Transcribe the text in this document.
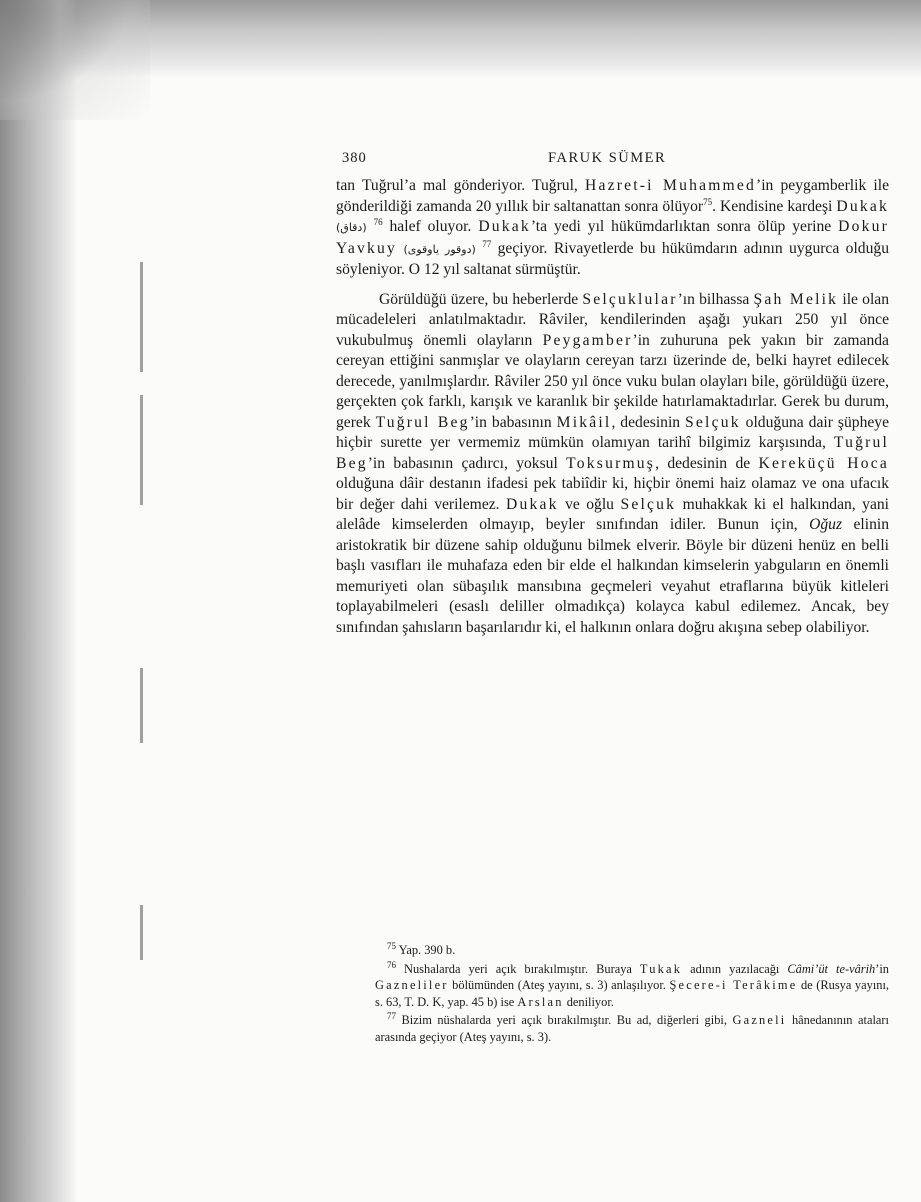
380	FARUK SÜMER

tan Tuğrul’a mal gönderiyor. Tuğrul, Hazret-i Muhammed’in peygamberlik ile gönderildiği zamanda 20 yıllık bir saltanattan sonra ölüyor$^{75}$. Kendisine kardeşi Dukak (دقاق) $^{76}$ halef oluyor. Dukak’ta yedi yıl hükümdarlıktan sonra ölüp yerine Dokur Yavkuy (دوقور یاوقوی) $^{77}$ geçiyor. Rivayetlerde bu hükümdarın adının uygurca olduğu söyleniyor. O 12 yıl saltanat sürmüştür.

Görüldüğü üzere, bu heberlerde Selçuklular’ın bilhassa Şah Melik ile olan mücadeleleri anlatılmaktadır. Râviler, kendilerinden aşağı yukarı 250 yıl önce vukubulmuş önemli olayların Peygamber’in zuhuruna pek yakın bir zamanda cereyan ettiğini sanmışlar ve olayların cereyan tarzı üzerinde de, belki hayret edilecek derecede, yanılmışlardır. Râviler 250 yıl önce vuku bulan olayları bile, görüldüğü üzere, gerçekten çok farklı, karışık ve karanlık bir şekilde hatırlamaktadırlar. Gerek bu durum, gerek Tuğrul Beg’in babasının Mikâil, dedesinin Selçuk olduğuna dair şüpheye hiçbir surette yer vermemiz mümkün olamıyan tarihî bilgimiz karşısında, Tuğrul Beg’in babasının çadırcı, yoksul Toksurmuş, dedesinin de Kereküçü Hoca olduğuna dâir destanın ifadesi pek tabiîdir ki, hiçbir önemi haiz olamaz ve ona ufacık bir değer dahi verilemez. Dukak ve oğlu Selçuk muhakkak ki el halkından, yani alelâde kimselerden olmayıp, beyler sınıfından idiler. Bunun için, Oğuz elinin aristokratik bir düzene sahip olduğunu bilmek elverir. Böyle bir düzeni henüz en belli başlı vasıfları ile muhafaza eden bir elde el halkından kimselerin yabguların en önemli memuriyeti olan sübaşılık mansıbına geçmeleri veyahut etraflarına büyük kitleleri toplayabilmeleri (esaslı deliller olmadıkça) kolayca kabul edilemez. Ancak, bey sınıfından şahısların başarılarıdır ki, el halkının onlara doğru akışına sebep olabiliyor.

$^{75}$ Yap. 390 b.

$^{76}$ Nushalarda yeri açık bırakılmıştır. Buraya Tukak adının yazılacağı Câmi’üt te-vârih’in Gazneliler bölümünden (Ateş yayını, s. 3) anlaşılıyor. Şecere-i Terâkime de (Rusya yayını, s. 63, T. D. K, yap. 45 b) ise Arslan deniliyor.

$^{77}$ Bizim nüshalarda yeri açık bırakılmıştır. Bu ad, diğerleri gibi, Gazneli hânedanının ataları arasında geçiyor (Ateş yayını, s. 3).
